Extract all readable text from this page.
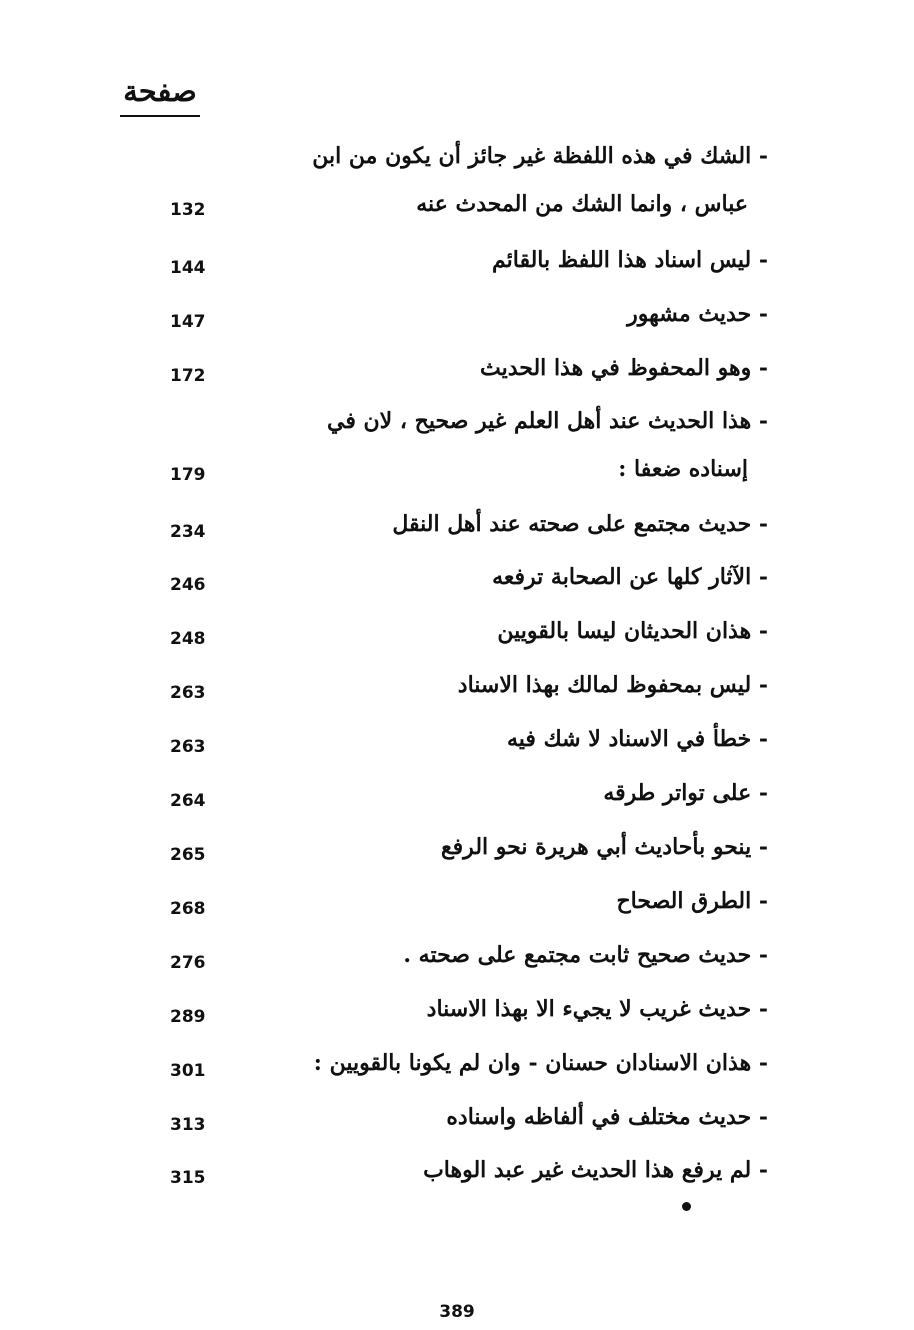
صفحة
- الشك في هذه اللفظة غير جائز أن يكون من ابن
عباس ، وانما الشك من المحدث عنه
132
- ليس اسناد هذا اللفظ بالقائم
144
- حديث مشهور
147
- وهو المحفوظ في هذا الحديث
172
- هذا الحديث عند أهل العلم غير صحيح ، لان في
إسناده ضعفا :
179
- حديث مجتمع على صحته عند أهل النقل
234
- الآثار كلها عن الصحابة ترفعه
246
- هذان الحديثان ليسا بالقويين
248
- ليس بمحفوظ لمالك بهذا الاسناد
263
- خطأ في الاسناد لا شك فيه
263
- على تواتر طرقه
264
- ينحو بأحاديث أبي هريرة نحو الرفع
265
- الطرق الصحاح
268
- حديث صحيح ثابت مجتمع على صحته .
276
- حديث غريب لا يجيء الا بهذا الاسناد
289
- هذان الاسنادان حسنان - وان لم يكونا بالقويين :
301
- حديث مختلف في ألفاظه واسناده
313
- لم يرفع هذا الحديث غير عبد الوهاب
315
389
